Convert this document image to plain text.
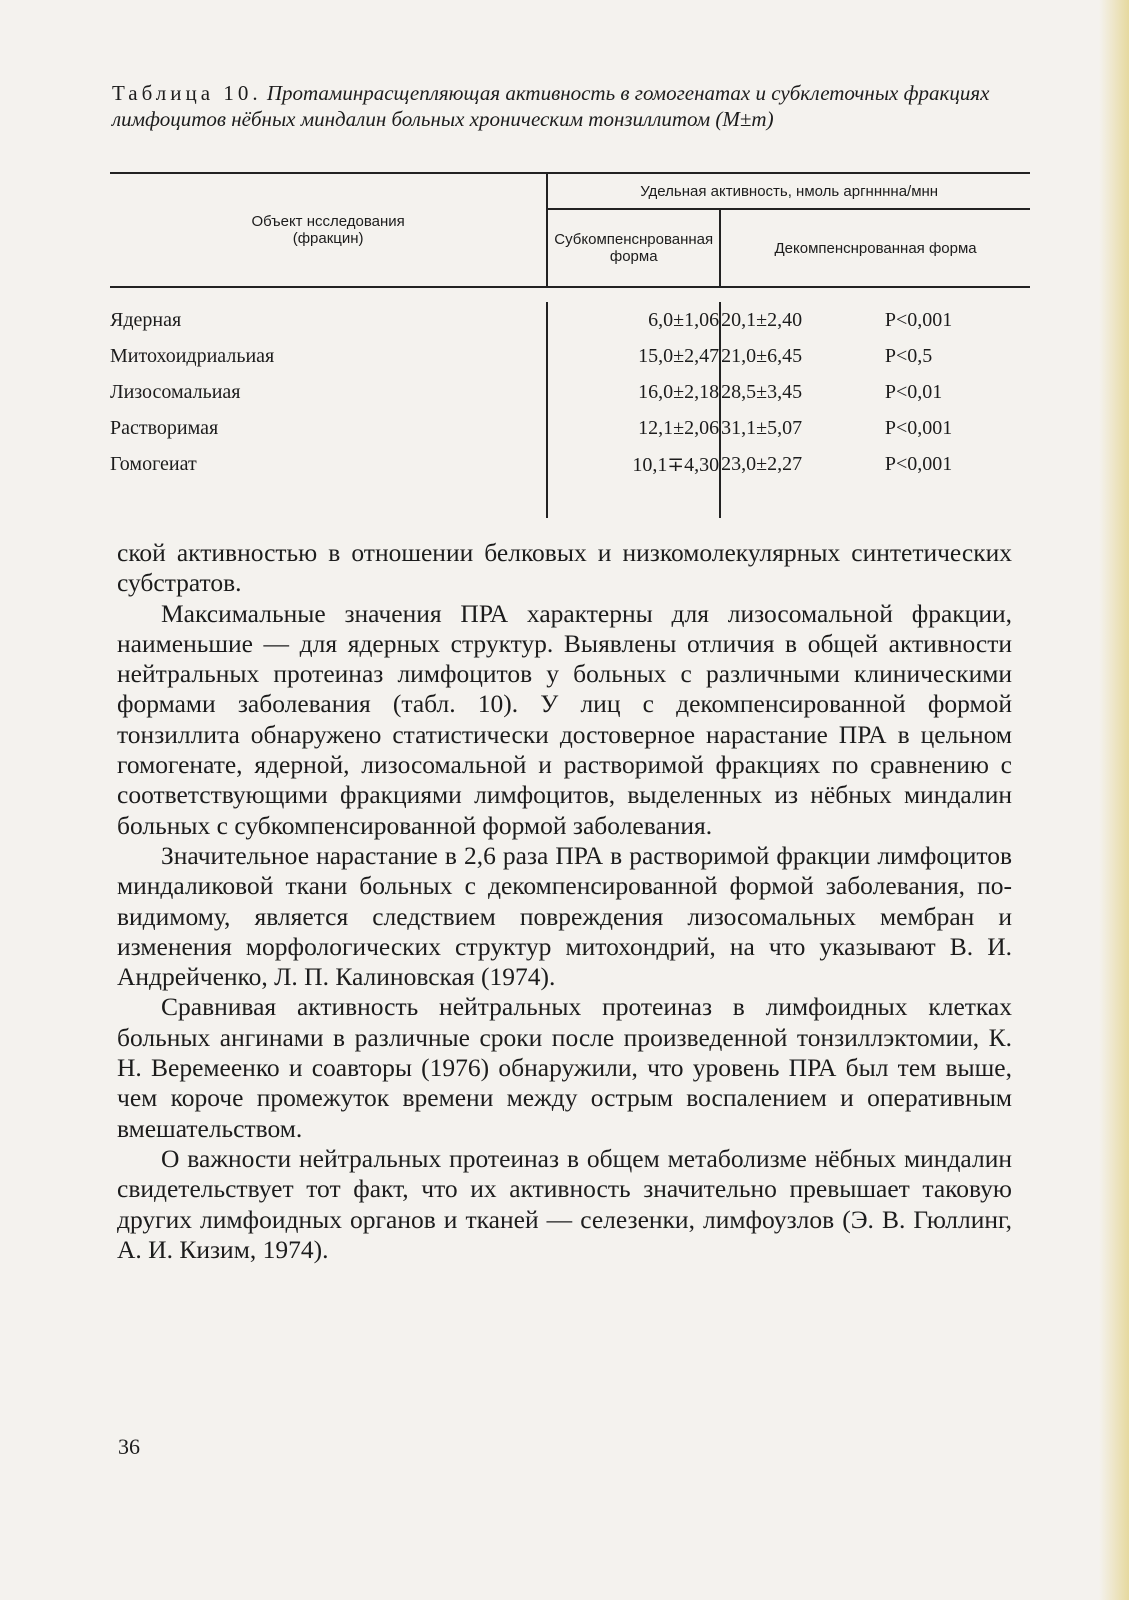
Таблица 10. Протаминрасщепляющая активность в гомогенатах и субклеточных фракциях лимфоцитов нёбных миндалин больных хроническим тонзиллитом (M±m)
Объект нсследования (фракцин)	Удельная активность, нмоль аргнннна/мнн		
	Субкомпенснрованная форма	Декомпенснрованная форма	

Ядерная	6,0±1,06	20,1±2,40	P<0,001
Митохоидриальиая	15,0±2,47	21,0±6,45	P<0,5
Лизосомальиая	16,0±2,18	28,5±3,45	P<0,01
Растворимая	12,1±2,06	31,1±5,07	P<0,001
Гомогеиат	10,1∓4,30	23,0±2,27	P<0,001

ской активностью в отношении белковых и низкомолекулярных синтетических субстратов.

Максимальные значения ПРА характерны для лизосомальной фракции, наименьшие — для ядерных структур. Выявлены отличия в общей активности нейтральных протеиназ лимфоцитов у больных с различными клиническими формами заболевания (табл. 10). У лиц с декомпенсированной формой тонзиллита обнаружено статистически достоверное нарастание ПРА в цельном гомогенате, ядерной, лизосомальной и растворимой фракциях по сравнению с соответствующими фракциями лимфоцитов, выделенных из нёбных миндалин больных с субкомпенсированной формой заболевания.

Значительное нарастание в 2,6 раза ПРА в растворимой фракции лимфоцитов миндаликовой ткани больных с декомпенсированной формой заболевания, по-видимому, является следствием повреждения лизосомальных мембран и изменения морфологических структур митохондрий, на что указывают В. И. Андрейченко, Л. П. Калиновская (1974).

Сравнивая активность нейтральных протеиназ в лимфоидных клетках больных ангинами в различные сроки после произведенной тонзиллэктомии, К. Н. Веремеенко и соавторы (1976) обнаружили, что уровень ПРА был тем выше, чем короче промежуток времени между острым воспалением и оперативным вмешательством.

О важности нейтральных протеиназ в общем метаболизме нёбных миндалин свидетельствует тот факт, что их активность значительно превышает таковую других лимфоидных органов и тканей — селезенки, лимфоузлов (Э. В. Гюллинг, А. И. Кизим, 1974).

36
